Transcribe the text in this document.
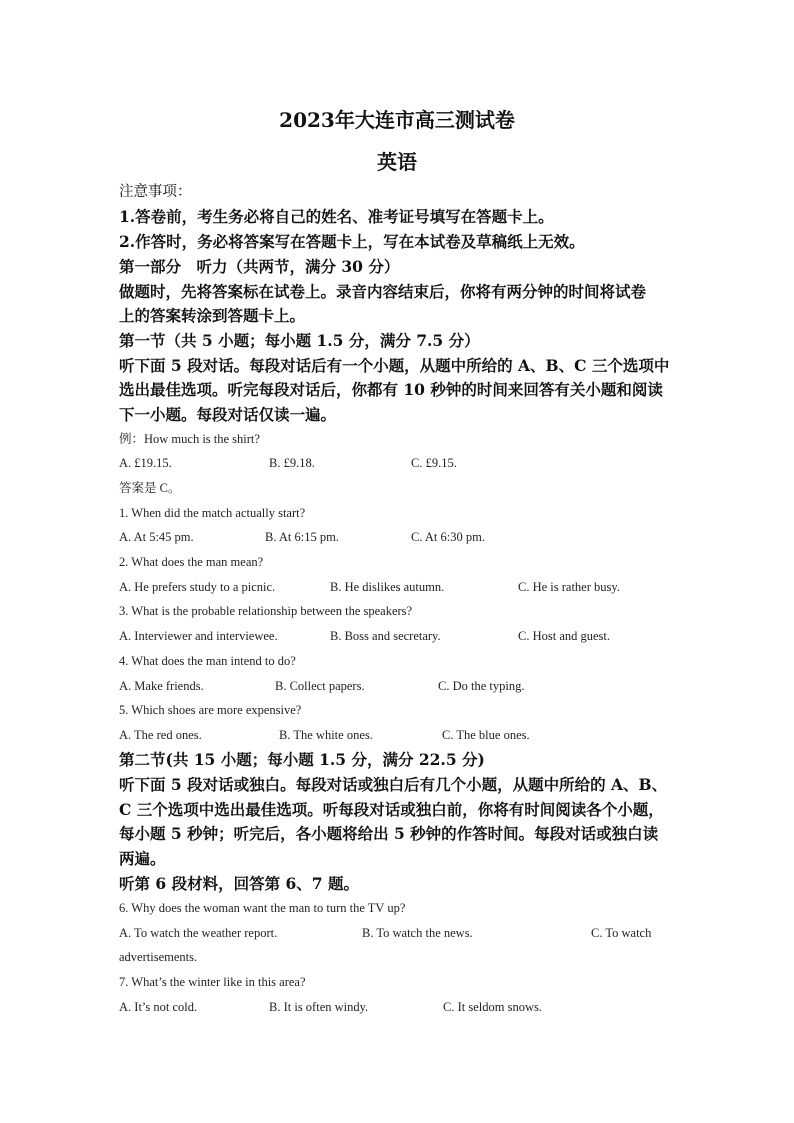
2023年大连市高三测试卷
英语
注意事项：
1.答卷前，考生务必将自己的姓名、准考证号填写在答题卡上。
2.作答时，务必将答案写在答题卡上，写在本试卷及草稿纸上无效。
第一部分　听力（共两节，满分 30 分）
做题时，先将答案标在试卷上。录音内容结束后，你将有两分钟的时间将试卷
上的答案转涂到答题卡上。
第一节（共 5 小题；每小题 1.5 分，满分 7.5 分）
听下面 5 段对话。每段对话后有一个小题，从题中所给的 A、B、C 三个选项中
选出最佳选项。听完每段对话后，你都有 10 秒钟的时间来回答有关小题和阅读
下一小题。每段对话仅读一遍。
例：How much is the shirt?
A. £19.15.	B. £9.18.	C. £9.15.
答案是 C。
1. When did the match actually start?
A. At 5:45 pm.	B. At 6:15 pm.	C. At 6:30 pm.
2. What does the man mean?
A. He prefers study to a picnic.	B. He dislikes autumn.	C. He is rather busy.
3. What is the probable relationship between the speakers?
A. Interviewer and interviewee.	B. Boss and secretary.	C. Host and guest.
4. What does the man intend to do?
A. Make friends.	B. Collect papers.	C. Do the typing.
5. Which shoes are more expensive?
A. The red ones.	B. The white ones.	C. The blue ones.
第二节(共 15 小题；每小题 1.5 分，满分 22.5 分)
听下面 5 段对话或独白。每段对话或独白后有几个小题，从题中所给的 A、B、
C 三个选项中选出最佳选项。听每段对话或独白前，你将有时间阅读各个小题，
每小题 5 秒钟；听完后，各小题将给出 5 秒钟的作答时间。每段对话或独白读
两遍。
听第 6 段材料，回答第 6、7 题。
6. Why does the woman want the man to turn the TV up?
A. To watch the weather report.	B. To watch the news.	C. To watch
advertisements.
7. What’s the winter like in this area?
A. It’s not cold.	B. It is often windy.	C. It seldom snows.
